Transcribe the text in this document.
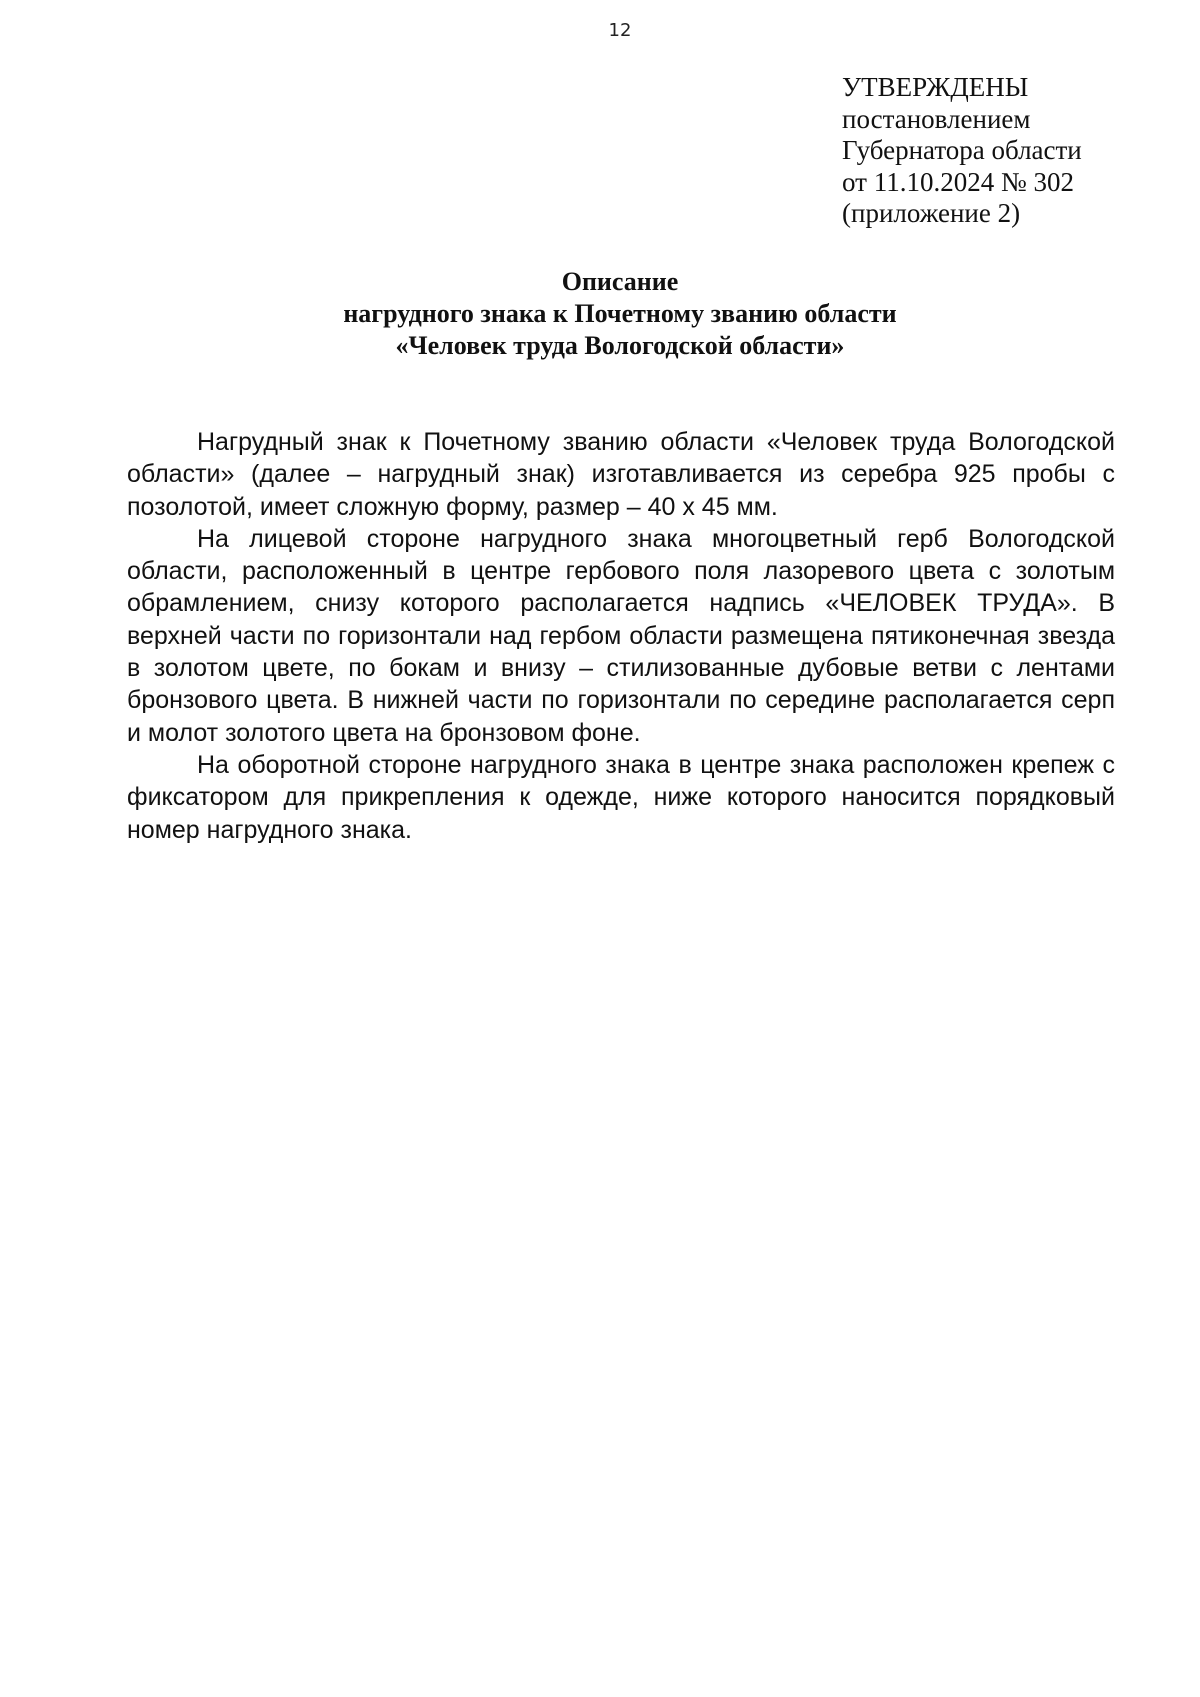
12
УТВЕРЖДЕНЫ
постановлением
Губернатора области
от 11.10.2024 № 302
(приложение 2)
Описание
нагрудного знака к Почетному званию области
«Человек труда Вологодской области»

Нагрудный знак к Почетному званию области «Человек труда Вологодской области» (далее – нагрудный знак) изготавливается из серебра 925 пробы с позолотой, имеет сложную форму, размер – 40 х 45 мм.

На лицевой стороне нагрудного знака многоцветный герб Вологодской области, расположенный в центре гербового поля лазоревого цвета с золотым обрамлением, снизу которого располагается надпись «ЧЕЛОВЕК ТРУДА». В верхней части по горизонтали над гербом области размещена пятиконечная звезда в золотом цвете, по бокам и внизу – стилизованные дубовые ветви с лентами бронзового цвета. В нижней части по горизонтали по середине располагается серп и молот золотого цвета на бронзовом фоне.

На оборотной стороне нагрудного знака в центре знака расположен крепеж с фиксатором для прикрепления к одежде, ниже которого наносится порядковый номер нагрудного знака.
